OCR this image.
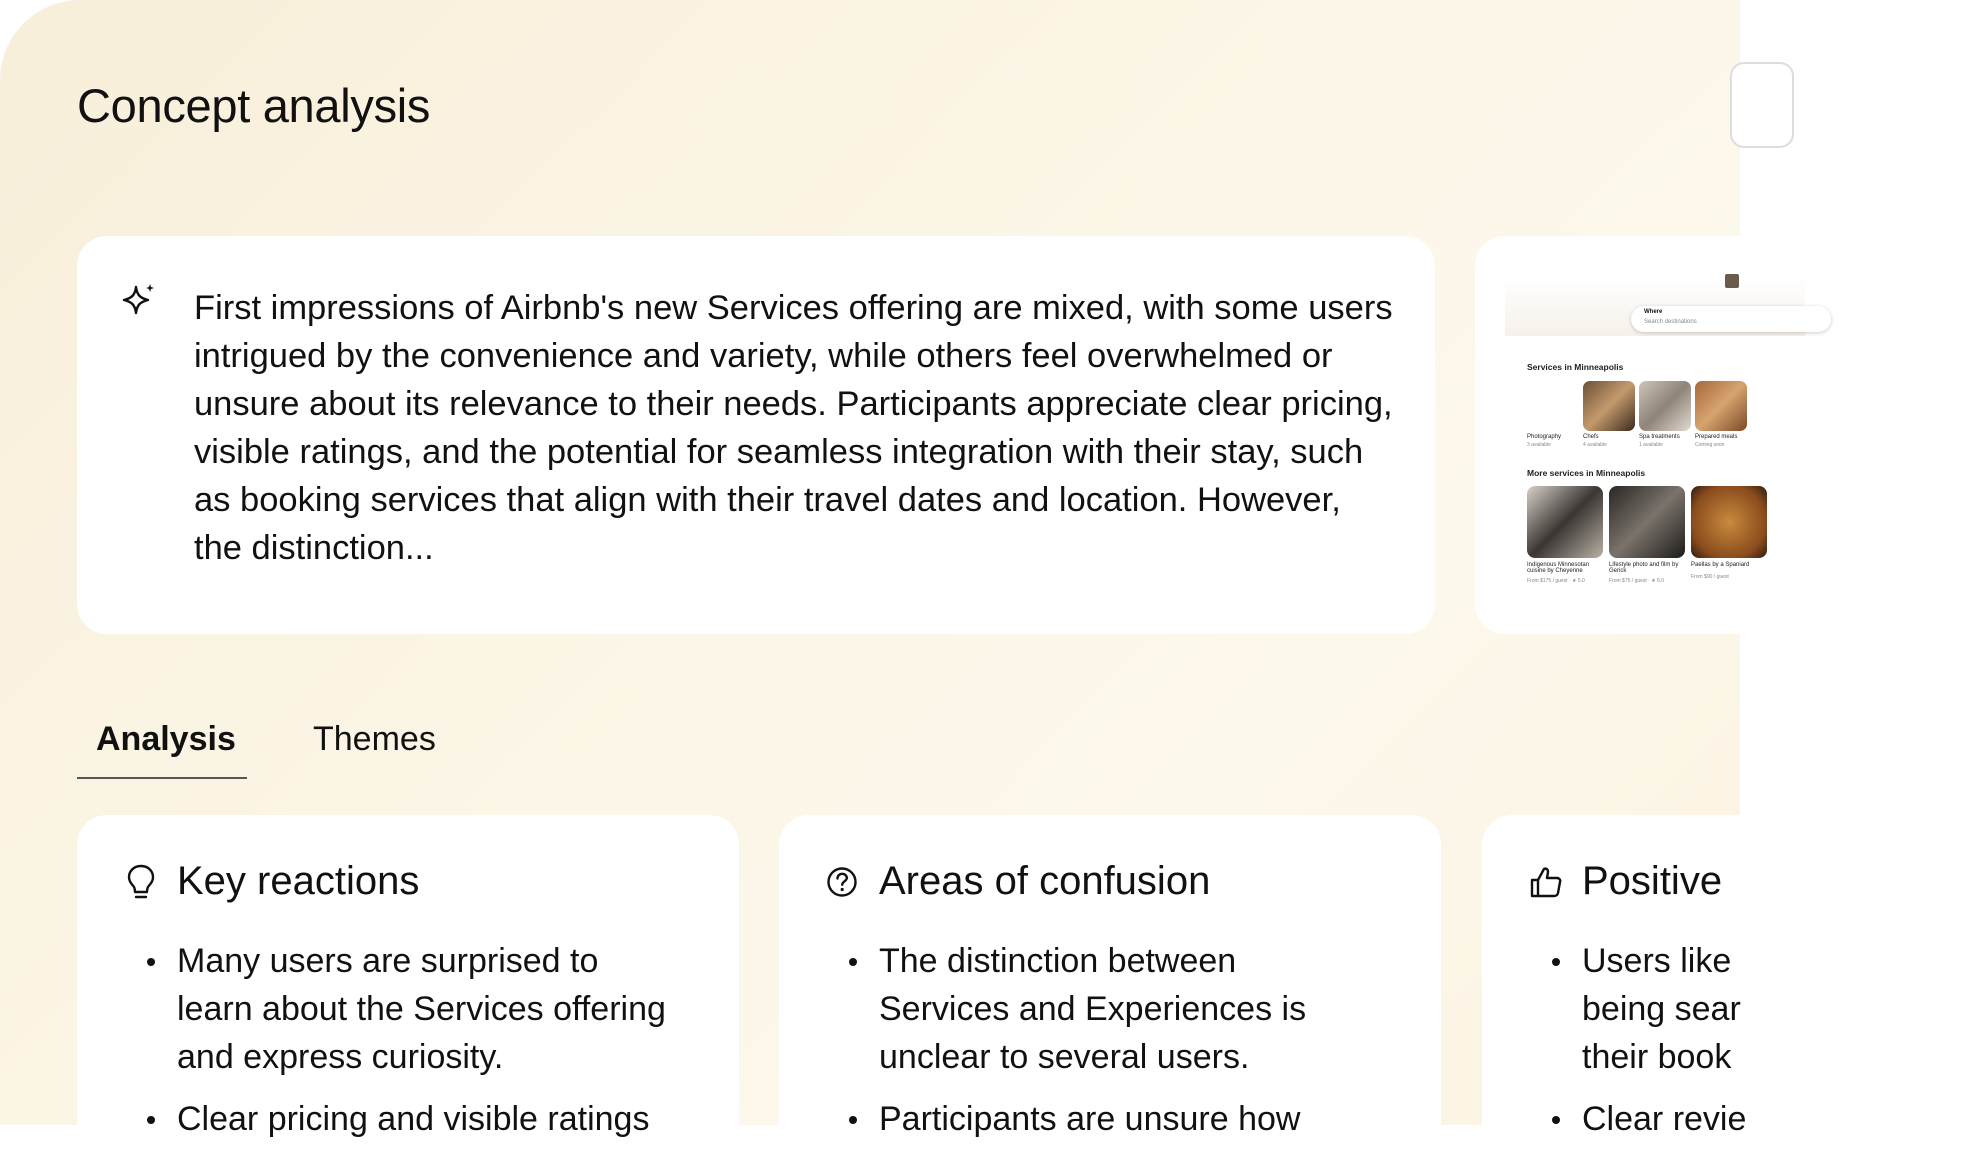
Concept analysis

First impressions of Airbnb's new Services offering are mixed, with some users intrigued by the convenience and variety, while others feel overwhelmed or unsure about its relevance to their needs. Participants appreciate clear pricing, visible ratings, and the potential for seamless integration with their stay, such as booking services that align with their travel dates and location. However, the distinction...

Where
Search destinations
Services in Minneapolis
Photography
3 available
Chefs
4 available
Spa treatments
1 available
Prepared meals
Coming soon
More services in Minneapolis
Indigenous Minnesotan cuisine by Cheyenne
From $175 / guest · ★ 5.0
Lifestyle photo and film by Gerick
From $75 / guest · ★ 5.0
Paellas by a Spaniard
From $90 / guest
Analysis Themes
Key reactions
Many users are surprised to
learn about the Services offering
and express curiosity.
Clear pricing and visible ratings
Areas of confusion
The distinction between
Services and Experiences is
unclear to several users.
Participants are unsure how
Positive
Users like
being sear
their book
Clear revie
